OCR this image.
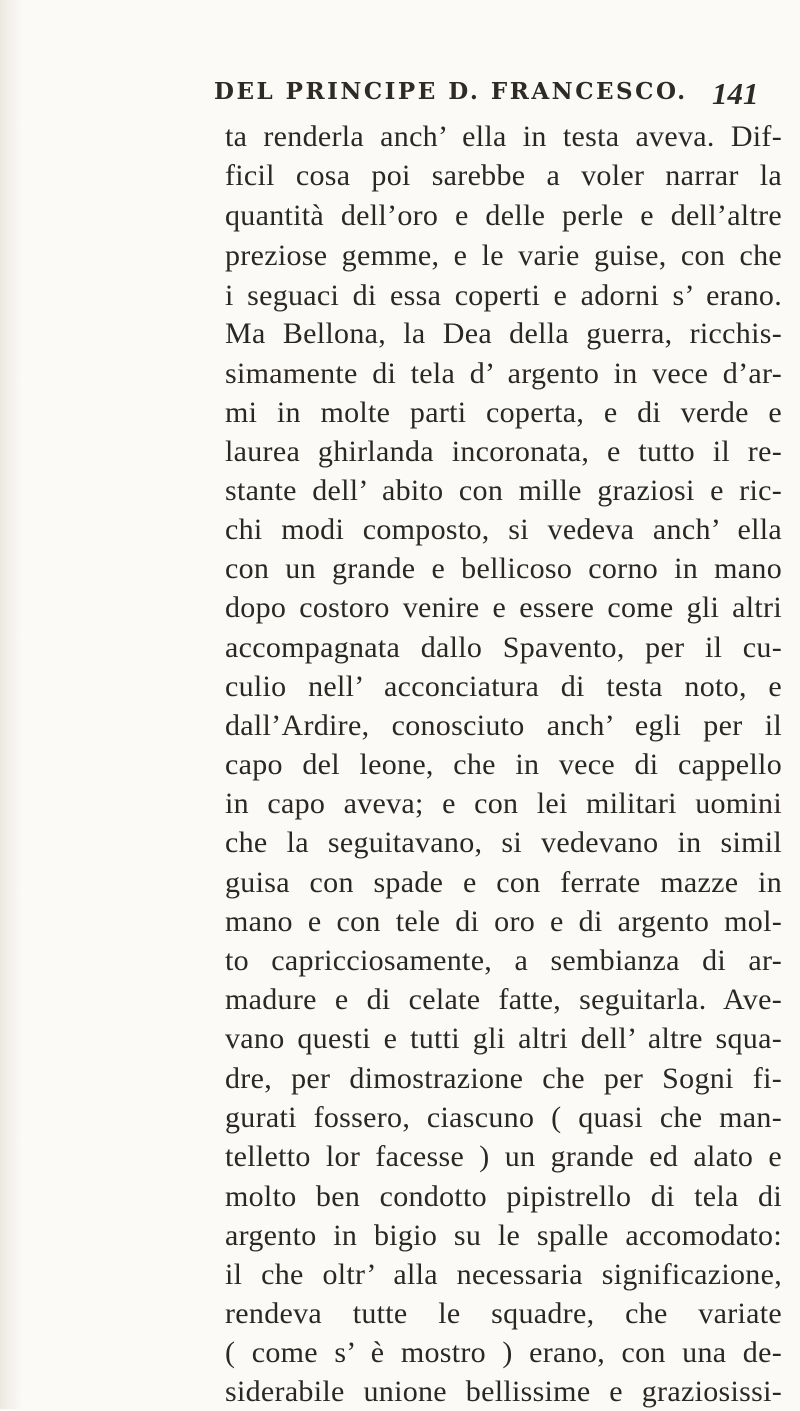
DEL PRINCIPE D. FRANCESCO. 141
ta renderla anch’ ella in testa aveva. Dif-
ficil cosa poi sarebbe a voler narrar la
quantità dell’oro e delle perle e dell’altre
preziose gemme, e le varie guise, con che
i seguaci di essa coperti e adorni s’ erano.
Ma Bellona, la Dea della guerra, ricchis-
simamente di tela d’ argento in vece d’ar-
mi in molte parti coperta, e di verde e
laurea ghirlanda incoronata, e tutto il re-
stante dell’ abito con mille graziosi e ric-
chi modi composto, si vedeva anch’ ella
con un grande e bellicoso corno in mano
dopo costoro venire e essere come gli altri
accompagnata dallo Spavento, per il cu-
culio nell’ acconciatura di testa noto, e
dall’Ardire, conosciuto anch’ egli per il
capo del leone, che in vece di cappello
in capo aveva; e con lei militari uomini
che la seguitavano, si vedevano in simil
guisa con spade e con ferrate mazze in
mano e con tele di oro e di argento mol-
to capricciosamente, a sembianza di ar-
madure e di celate fatte, seguitarla. Ave-
vano questi e tutti gli altri dell’ altre squa-
dre, per dimostrazione che per Sogni fi-
gurati fossero, ciascuno ( quasi che man-
telletto lor facesse ) un grande ed alato e
molto ben condotto pipistrello di tela di
argento in bigio su le spalle accomodato:
il che oltr’ alla necessaria significazione,
rendeva tutte le squadre, che variate
( come s’ è mostro ) erano, con una de-
siderabile unione bellissime e graziosissi-
